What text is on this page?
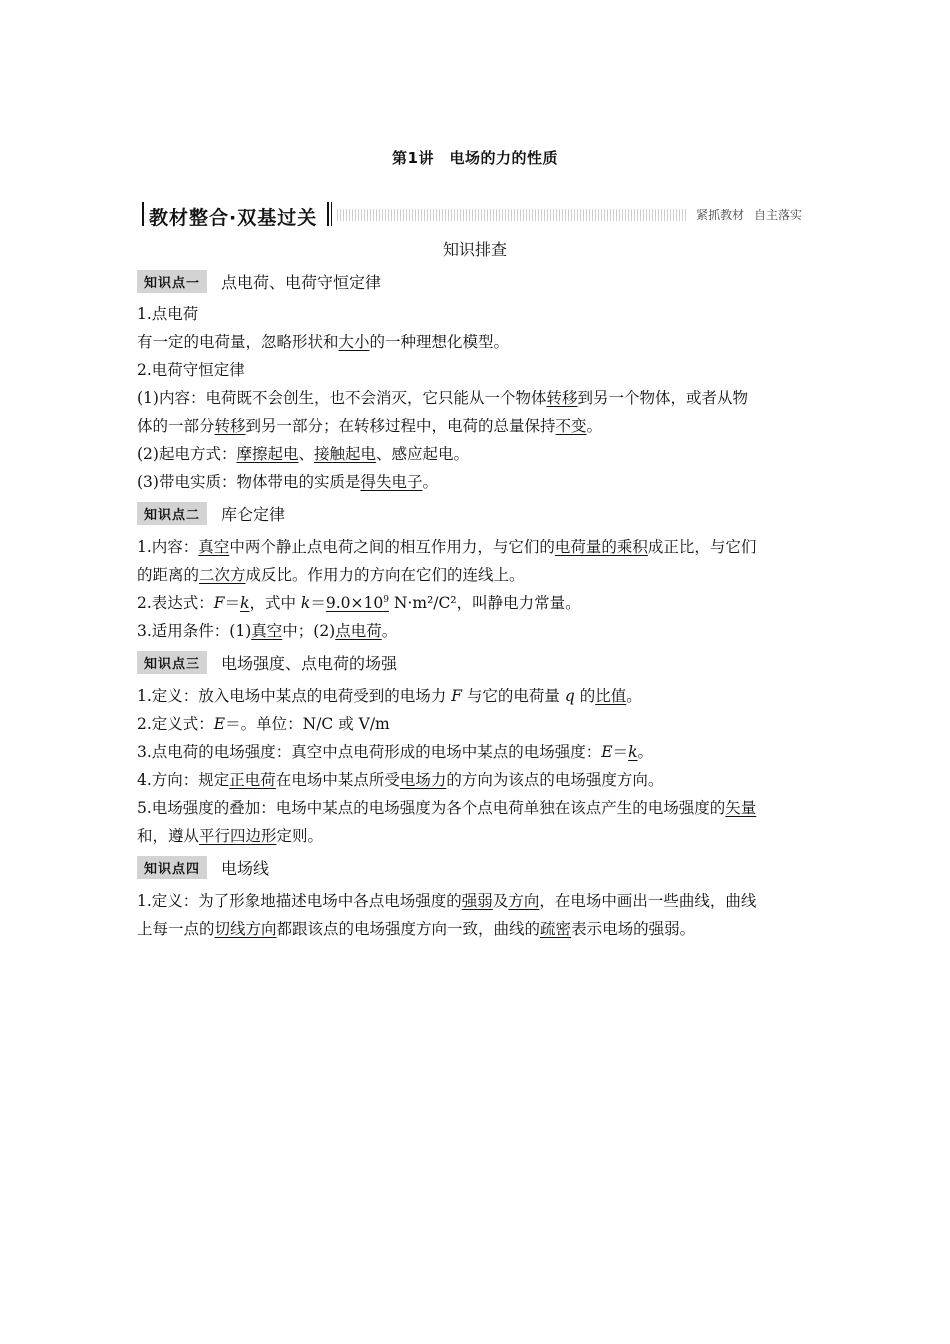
第1讲　电场的力的性质
教材整合·双基过关	紧抓教材 自主落实
知识排查
知识点一	点电荷、电荷守恒定律
1.点电荷
有一定的电荷量，忽略形状和大小的一种理想化模型。
2.电荷守恒定律
(1)内容：电荷既不会创生，也不会消灭，它只能从一个物体转移到另一个物体，或者从物
体的一部分转移到另一部分；在转移过程中，电荷的总量保持不变。
(2)起电方式：摩擦起电、接触起电、感应起电。
(3)带电实质：物体带电的实质是得失电子。
知识点二	库仑定律
1.内容：真空中两个静止点电荷之间的相互作用力，与它们的电荷量的乘积成正比，与它们
的距离的二次方成反比。作用力的方向在它们的连线上。
2.表达式：F＝k，式中 $k=9.0\times 10^9$ N·m²/C²，叫静电力常量。
3.适用条件：(1)真空中；(2)点电荷。
知识点三	电场强度、点电荷的场强
1.定义：放入电场中某点的电荷受到的电场力 F 与它的电荷量 q 的比值。
2.定义式：E＝。单位：N/C 或 V/m
3.点电荷的电场强度：真空中点电荷形成的电场中某点的电场强度：E＝k。
4.方向：规定正电荷在电场中某点所受电场力的方向为该点的电场强度方向。
5.电场强度的叠加：电场中某点的电场强度为各个点电荷单独在该点产生的电场强度的矢量
和，遵从平行四边形定则。
知识点四	电场线
1.定义：为了形象地描述电场中各点电场强度的强弱及方向，在电场中画出一些曲线，曲线
上每一点的切线方向都跟该点的电场强度方向一致，曲线的疏密表示电场的强弱。
